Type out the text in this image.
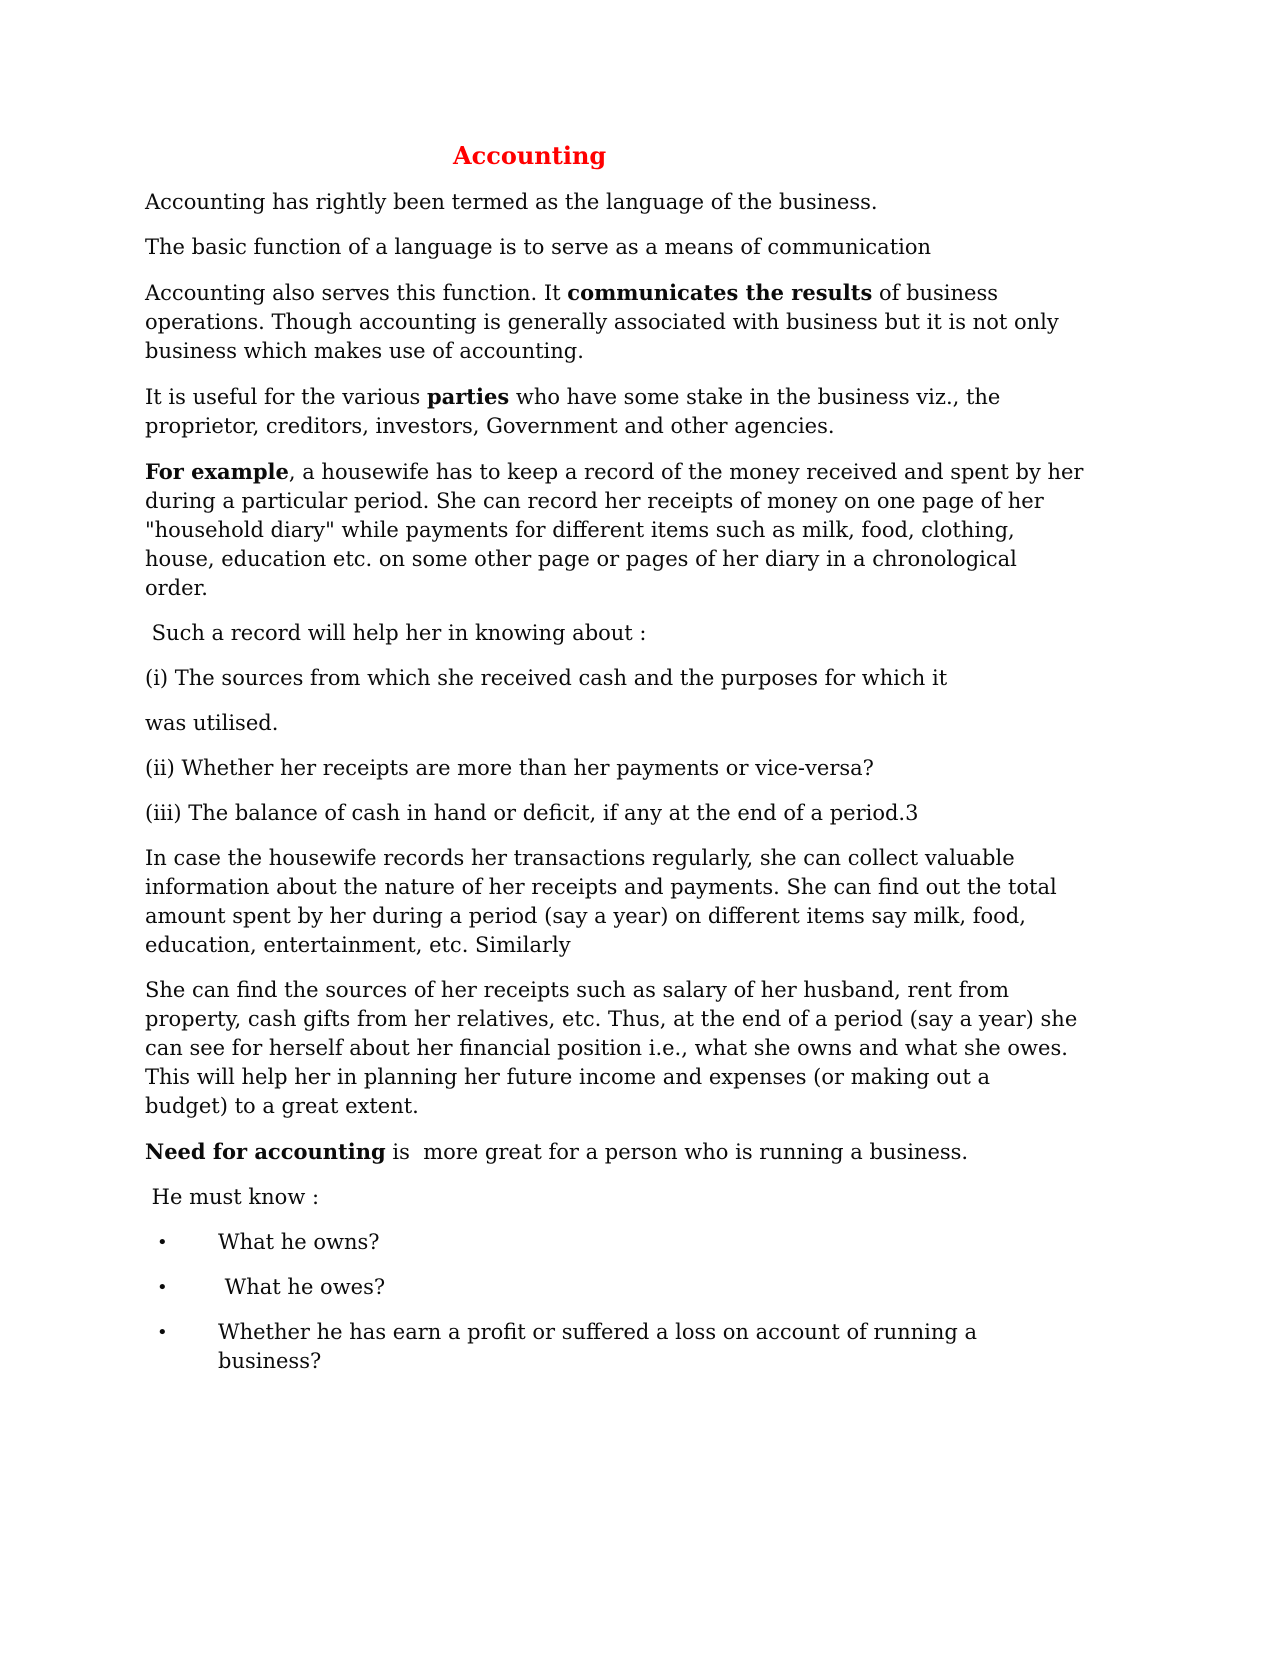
Accounting

Accounting has rightly been termed as the language of the business.

The basic function of a language is to serve as a means of communication

Accounting also serves this function. It communicates the results of business
operations. Though accounting is generally associated with business but it is not only
business which makes use of accounting.

It is useful for the various parties who have some stake in the business viz., the
proprietor, creditors, investors, Government and other agencies.

For example, a housewife has to keep a record of the money received and spent by her
during a particular period. She can record her receipts of money on one page of her
"household diary" while payments for different items such as milk, food, clothing,
house, education etc. on some other page or pages of her diary in a chronological
order.

Such a record will help her in knowing about :

(i) The sources from which she received cash and the purposes for which it

was utilised.

(ii) Whether her receipts are more than her payments or vice-versa?

(iii) The balance of cash in hand or deficit, if any at the end of a period.3

In case the housewife records her transactions regularly, she can collect valuable
information about the nature of her receipts and payments. She can find out the total
amount spent by her during a period (say a year) on different items say milk, food,
education, entertainment, etc. Similarly

She can find the sources of her receipts such as salary of her husband, rent from
property, cash gifts from her relatives, etc. Thus, at the end of a period (say a year) she
can see for herself about her financial position i.e., what she owns and what she owes.
This will help her in planning her future income and expenses (or making out a
budget) to a great extent.

Need for accounting is  more great for a person who is running a business.

He must know :

•	What he owns?
•	What he owes?
•	Whether he has earn a profit or suffered a loss on account of running a
business?
